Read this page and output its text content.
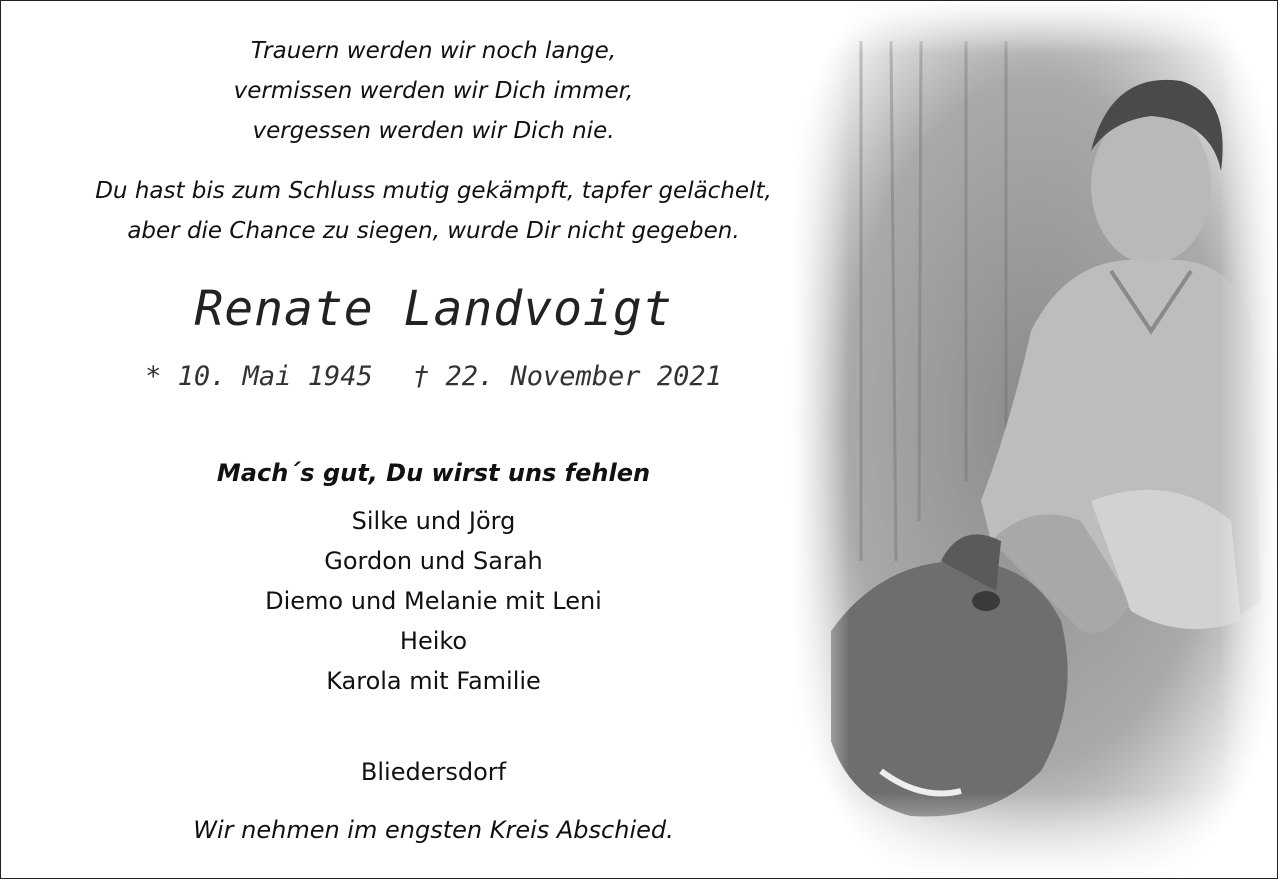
Trauern werden wir noch lange,
vermissen werden wir Dich immer,
vergessen werden wir Dich nie.
Du hast bis zum Schluss mutig gekämpft, tapfer gelächelt,
aber die Chance zu siegen, wurde Dir nicht gegeben.
Renate Landvoigt
* 10. Mai 1945 † 22. November 2021
Mach´s gut, Du wirst uns fehlen
Silke und Jörg
Gordon und Sarah
Diemo und Melanie mit Leni
Heiko
Karola mit Familie
Bliedersdorf
Wir nehmen im engsten Kreis Abschied.
